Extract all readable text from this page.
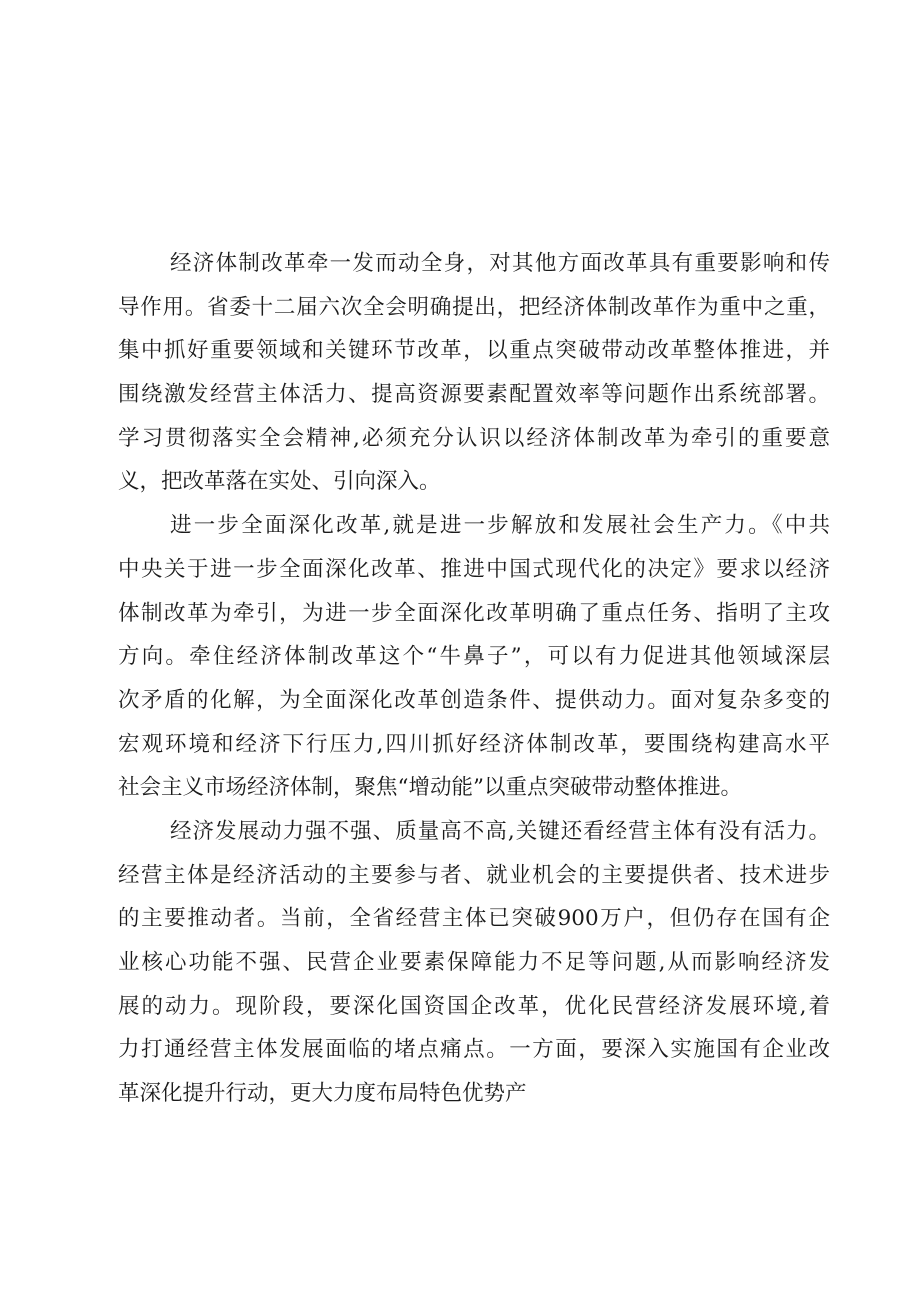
经济体制改革牵一发而动全身，对其他方面改革具有重要影响和传
导作用。省委十二届六次全会明确提出，把经济体制改革作为重中之重，
集中抓好重要领域和关键环节改革，以重点突破带动改革整体推进，并
围绕激发经营主体活力、提高资源要素配置效率等问题作出系统部署。
学习贯彻落实全会精神,必须充分认识以经济体制改革为牵引的重要意
义，把改革落在实处、引向深入。
进一步全面深化改革,就是进一步解放和发展社会生产力。《中共
中央关于进一步全面深化改革、推进中国式现代化的决定》要求以经济
体制改革为牵引，为进一步全面深化改革明确了重点任务、指明了主攻
方向。牵住经济体制改革这个“牛鼻子”，可以有力促进其他领域深层
次矛盾的化解，为全面深化改革创造条件、提供动力。面对复杂多变的
宏观环境和经济下行压力,四川抓好经济体制改革，要围绕构建高水平
社会主义市场经济体制，聚焦“增动能”以重点突破带动整体推进。
经济发展动力强不强、质量高不高,关键还看经营主体有没有活力。
经营主体是经济活动的主要参与者、就业机会的主要提供者、技术进步
的主要推动者。当前，全省经营主体已突破900万户，但仍存在国有企
业核心功能不强、民营企业要素保障能力不足等问题,从而影响经济发
展的动力。现阶段，要深化国资国企改革，优化民营经济发展环境,着
力打通经营主体发展面临的堵点痛点。一方面，要深入实施国有企业改
革深化提升行动，更大力度布局特色优势产
